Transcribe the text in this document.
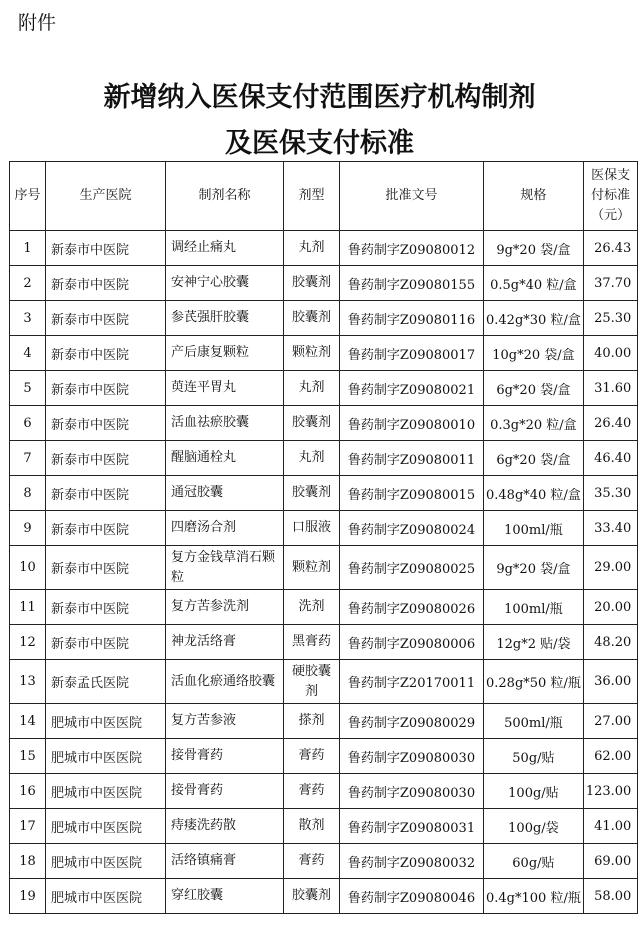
附件
新增纳入医保支付范围医疗机构制剂
及医保支付标准
序号	生产医院	制剂名称	剂型	批准文号	规格	医保支付标准（元）
1	新泰市中医院	调经止痛丸	丸剂	鲁药制字Z09080012	9g*20 袋/盒	26.43
2	新泰市中医院	安神宁心胶囊	胶囊剂	鲁药制字Z09080155	0.5g*40 粒/盒	37.70
3	新泰市中医院	参芪强肝胶囊	胶囊剂	鲁药制字Z09080116	0.42g*30 粒/盒	25.30
4	新泰市中医院	产后康复颗粒	颗粒剂	鲁药制字Z09080017	10g*20 袋/盒	40.00
5	新泰市中医院	萸连平胃丸	丸剂	鲁药制字Z09080021	6g*20 袋/盒	31.60
6	新泰市中医院	活血祛瘀胶囊	胶囊剂	鲁药制字Z09080010	0.3g*20 粒/盒	26.40
7	新泰市中医院	醒脑通栓丸	丸剂	鲁药制字Z09080011	6g*20 袋/盒	46.40
8	新泰市中医院	通冠胶囊	胶囊剂	鲁药制字Z09080015	0.48g*40 粒/盒	35.30
9	新泰市中医院	四磨汤合剂	口服液	鲁药制字Z09080024	100ml/瓶	33.40
10	新泰市中医院	复方金钱草消石颗粒	颗粒剂	鲁药制字Z09080025	9g*20 袋/盒	29.00
11	新泰市中医院	复方苦参洗剂	洗剂	鲁药制字Z09080026	100ml/瓶	20.00
12	新泰市中医院	神龙活络膏	黑膏药	鲁药制字Z09080006	12g*2 贴/袋	48.20
13	新泰孟氏医院	活血化瘀通络胶囊	硬胶囊剂	鲁药制字Z20170011	0.28g*50 粒/瓶	36.00
14	肥城市中医医院	复方苦参液	搽剂	鲁药制字Z09080029	500ml/瓶	27.00
15	肥城市中医医院	接骨膏药	膏药	鲁药制字Z09080030	50g/贴	62.00
16	肥城市中医医院	接骨膏药	膏药	鲁药制字Z09080030	100g/贴	123.00
17	肥城市中医医院	痔瘘洗药散	散剂	鲁药制字Z09080031	100g/袋	41.00
18	肥城市中医医院	活络镇痛膏	膏药	鲁药制字Z09080032	60g/贴	69.00
19	肥城市中医医院	穿红胶囊	胶囊剂	鲁药制字Z09080046	0.4g*100 粒/瓶	58.00
